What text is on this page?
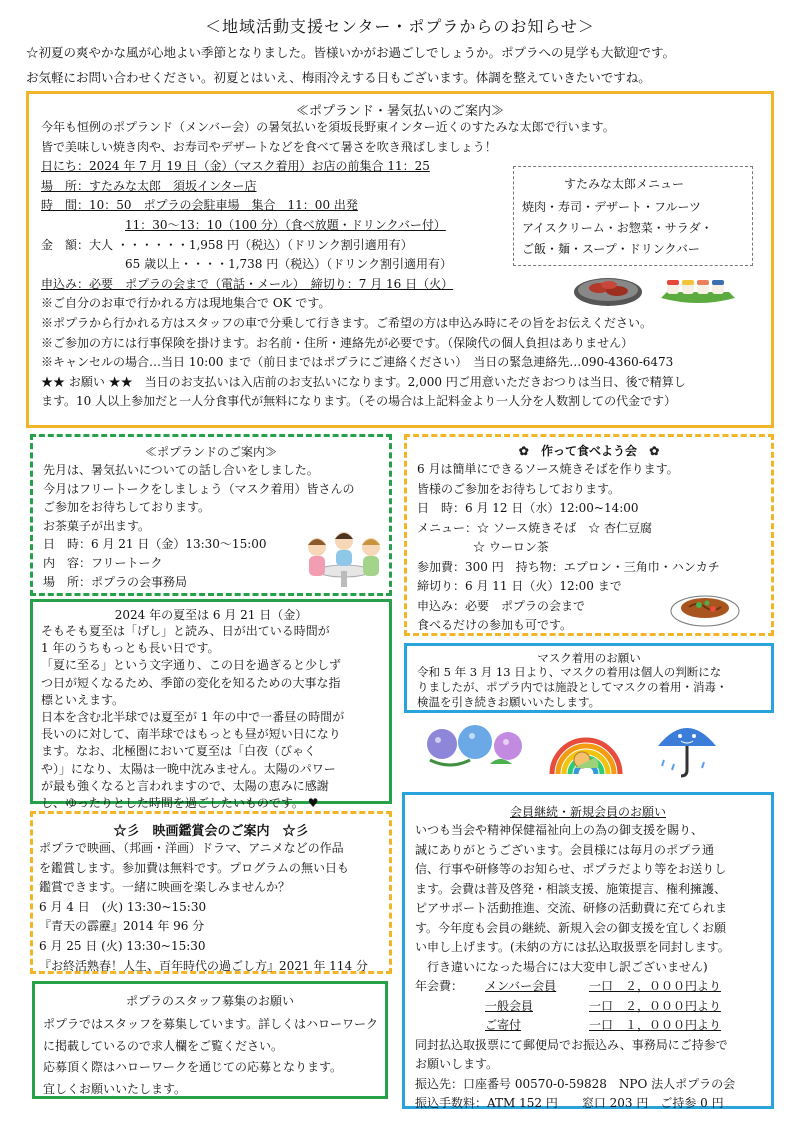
＜地域活動支援センター・ポプラからのお知らせ＞
☆初夏の爽やかな風が心地よい季節となりました。皆様いかがお過ごしでしょうか。ポプラへの見学も大歓迎です。
お気軽にお問い合わせください。初夏とはいえ、梅雨冷えする日もございます。体調を整えていきたいですね。
≪ポプランド・暑気払いのご案内≫
今年も恒例のポプランド（メンバー会）の暑気払いを須坂長野東インター近くのすたみな太郎で行います。
皆で美味しい焼き肉や、お寿司やデザートなどを食べて暑さを吹き飛ばしましょう！
日にち：2024 年 7 月 19 日（金）（マスク着用）お店の前集合 11：25
場　所：すたみな太郎　須坂インター店
時　間：10：50　ポプラの会駐車場　集合　11：00 出発
11：30～13：10（100 分）（食べ放題・ドリンクバー付）
金　額：大人 ・・・・・・1,958 円（税込）（ドリンク割引適用有）
65 歳以上・・・・1,738 円（税込）（ドリンク割引適用有）
申込み：必要　ポプラの会まで（電話・メール）　締切り：7 月 16 日（火）
※ご自分のお車で行かれる方は現地集合で OK です。
※ポプラから行かれる方はスタッフの車で分乗して行きます。ご希望の方は申込み時にその旨をお伝えください。
※ご参加の方には行事保険を掛けます。お名前・住所・連絡先が必要です。（保険代の個人負担はありません）
※キャンセルの場合…当日 10:00 まで（前日まではポプラにご連絡ください）　当日の緊急連絡先…090-4360-6473
★★ お願い ★★　当日のお支払いは入店前のお支払いになります。2,000 円ご用意いただきおつりは当日、後で精算し
ます。10 人以上参加だと一人分食事代が無料になります。（その場合は上記料金より一人分を人数割しての代金です）
すたみな太郎メニュー
焼肉・寿司・デザート・フルーツ
アイスクリーム・お惣菜・サラダ・
ご飯・麺・スープ・ドリンクバー
≪ポプランドのご案内≫
先月は、暑気払いについての話し合いをしました。
今月はフリートークをしましょう（マスク着用）皆さんの
ご参加をお待ちしております。
お茶菓子が出ます。
日　時：6 月 21 日（金）13:30～15:00
内　容：フリートーク
場　所：ポプラの会事務局
✿ 作って食べよう会 ✿
6 月は簡単にできるソース焼きそばを作ります。
皆様のご参加をお待ちしております。
日　時：6 月 12 日（水）12:00~14:00
メニュー：☆ ソース焼きそば　☆ 杏仁豆腐
☆ ウーロン茶
参加費：300 円　持ち物：エプロン・三角巾・ハンカチ
締切り：6 月 11 日（火）12:00 まで
申込み：必要　ポプラの会まで
食べるだけの参加も可です。
2024 年の夏至は 6 月 21 日（金）
そもそも夏至は「げし」と読み、日が出ている時間が
1 年のうちもっとも長い日です。
「夏に至る」という文字通り、この日を過ぎると少しず
つ日が短くなるため、季節の変化を知るための大事な指
標といえます。
日本を含む北半球では夏至が 1 年の中で一番昼の時間が
長いのに対して、南半球ではもっとも昼が短い日になり
ます。なお、北極圏において夏至は「白夜（びゃく
や）」になり、太陽は一晩中沈みません。太陽のパワー
が最も強くなると言われますので、太陽の恵みに感謝
し、ゆったりとした時間を過ごしたいものです。 ♥
マスク着用のお願い
令和 5 年 3 月 13 日より、マスクの着用は個人の判断にな
りましたが、ポプラ内では施設としてマスクの着用・消毒・
検温を引き続きお願いいたします。
☆彡　映画鑑賞会のご案内　☆彡
ポプラで映画、（邦画・洋画）ドラマ、アニメなどの作品
を鑑賞します。参加費は無料です。プログラムの無い日も
鑑賞できます。一緒に映画を楽しみませんか？
6 月 4 日　(火) 13:30~15:30
『青天の霹靂』2014 年 96 分
6 月 25 日 (火) 13:30~15:30
『お終活熟春！人生、百年時代の過ごし方』2021 年 114 分
ポプラのスタッフ募集のお願い
ポプラではスタッフを募集しています。詳しくはハローワーク
に掲載しているので求人欄をご覧ください。
応募頂く際はハローワークを通じての応募となります。
宜しくお願いいたします。
会員継続・新規会員のお願い
いつも当会や精神保健福祉向上の為の御支援を賜り、
誠にありがとうございます。会員様には毎月のポプラ通
信、行事や研修等のお知らせ、ポプラだより等をお送りし
ます。会費は普及啓発・相談支援、施策提言、権利擁護、
ピアサポート活動推進、交流、研修の活動費に充てられま
す。今年度も会員の継続、新規入会の御支援を宜しくお願
い申し上げます。(未納の方には払込取扱票を同封します。
行き違いになった場合には大変申し訳ございません)
年会費：	メンバー会員	一口　２，０００円より
一般会員	一口　２，０００円より
ご寄付	一口　１，０００円より
同封払込取扱票にて郵便局でお振込み、事務局にご持参で
お願いします。
振込先：口座番号 00570-0-59828　NPO 法人ポプラの会
振込手数料：ATM 152 円　　窓口 203 円　ご持参 0 円
